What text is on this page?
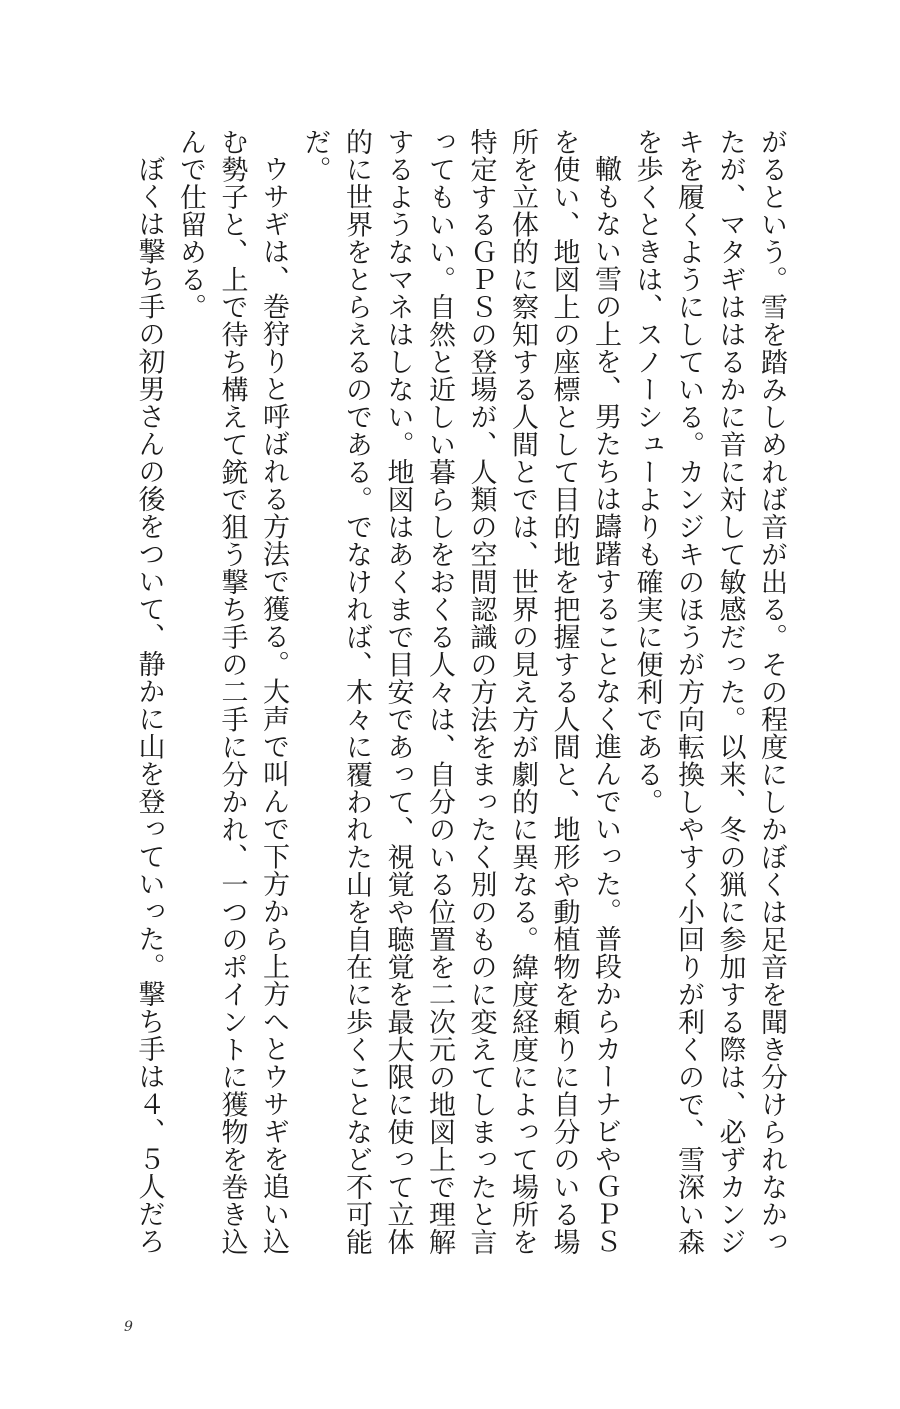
がるという。雪を踏みしめれば音が出る。その程度にしかぼくは足音を聞き分けられなかっ

たが、マタギははるかに音に対して敏感だった。以来、冬の猟に参加する際は、必ずカンジ

キを履くようにしている。カンジキのほうが方向転換しやすく小回りが利くので、雪深い森

を歩くときは、スノーシューよりも確実に便利である。

轍もない雪の上を、男たちは躊躇することなく進んでいった。普段からカーナビやＧＰＳ

を使い、地図上の座標として目的地を把握する人間と、地形や動植物を頼りに自分のいる場

所を立体的に察知する人間とでは、世界の見え方が劇的に異なる。緯度経度によって場所を

特定するＧＰＳの登場が、人類の空間認識の方法をまったく別のものに変えてしまったと言

ってもいい。自然と近しい暮らしをおくる人々は、自分のいる位置を二次元の地図上で理解

するようなマネはしない。地図はあくまで目安であって、視覚や聴覚を最大限に使って立体

的に世界をとらえるのである。でなければ、木々に覆われた山を自在に歩くことなど不可能

だ。

ウサギは、巻狩りと呼ばれる方法で獲る。大声で叫んで下方から上方へとウサギを追い込

む勢子と、上で待ち構えて銃で狙う撃ち手の二手に分かれ、一つのポイントに獲物を巻き込

んで仕留める。

ぼくは撃ち手の初男さんの後をついて、静かに山を登っていった。撃ち手は４、５人だろ

9
